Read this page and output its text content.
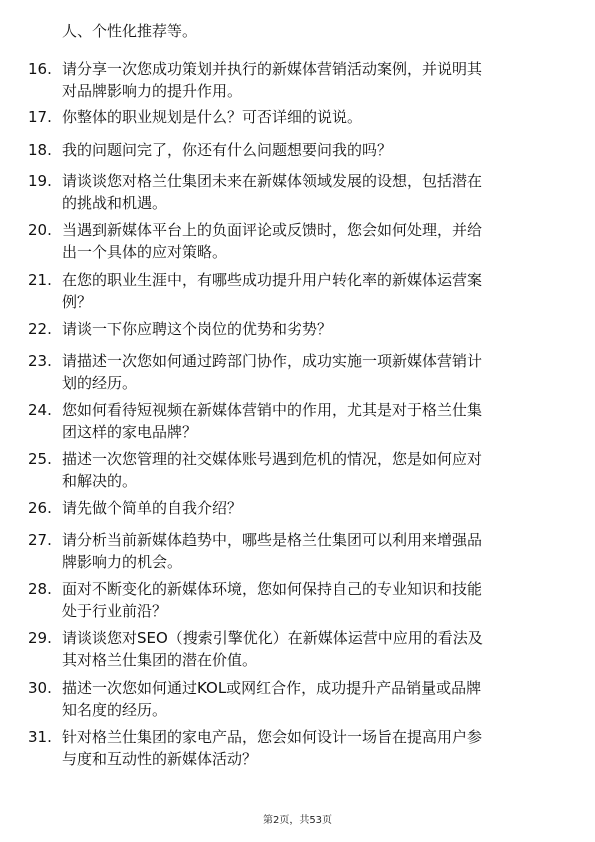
人、个性化推荐等。
16. 请分享一次您成功策划并执行的新媒体营销活动案例，并说明其
对品牌影响力的提升作用。
17. 你整体的职业规划是什么？可否详细的说说。
18. 我的问题问完了，你还有什么问题想要问我的吗？
19. 请谈谈您对格兰仕集团未来在新媒体领域发展的设想，包括潜在
的挑战和机遇。
20. 当遇到新媒体平台上的负面评论或反馈时，您会如何处理，并给
出一个具体的应对策略。
21. 在您的职业生涯中，有哪些成功提升用户转化率的新媒体运营案
例？
22. 请谈一下你应聘这个岗位的优势和劣势？
23. 请描述一次您如何通过跨部门协作，成功实施一项新媒体营销计
划的经历。
24. 您如何看待短视频在新媒体营销中的作用，尤其是对于格兰仕集
团这样的家电品牌？
25. 描述一次您管理的社交媒体账号遇到危机的情况，您是如何应对
和解决的。
26. 请先做个简单的自我介绍？
27. 请分析当前新媒体趋势中，哪些是格兰仕集团可以利用来增强品
牌影响力的机会。
28. 面对不断变化的新媒体环境，您如何保持自己的专业知识和技能
处于行业前沿？
29. 请谈谈您对SEO（搜索引擎优化）在新媒体运营中应用的看法及
其对格兰仕集团的潜在价值。
30. 描述一次您如何通过KOL或网红合作，成功提升产品销量或品牌
知名度的经历。
31. 针对格兰仕集团的家电产品，您会如何设计一场旨在提高用户参
与度和互动性的新媒体活动？
第2页，共53页
